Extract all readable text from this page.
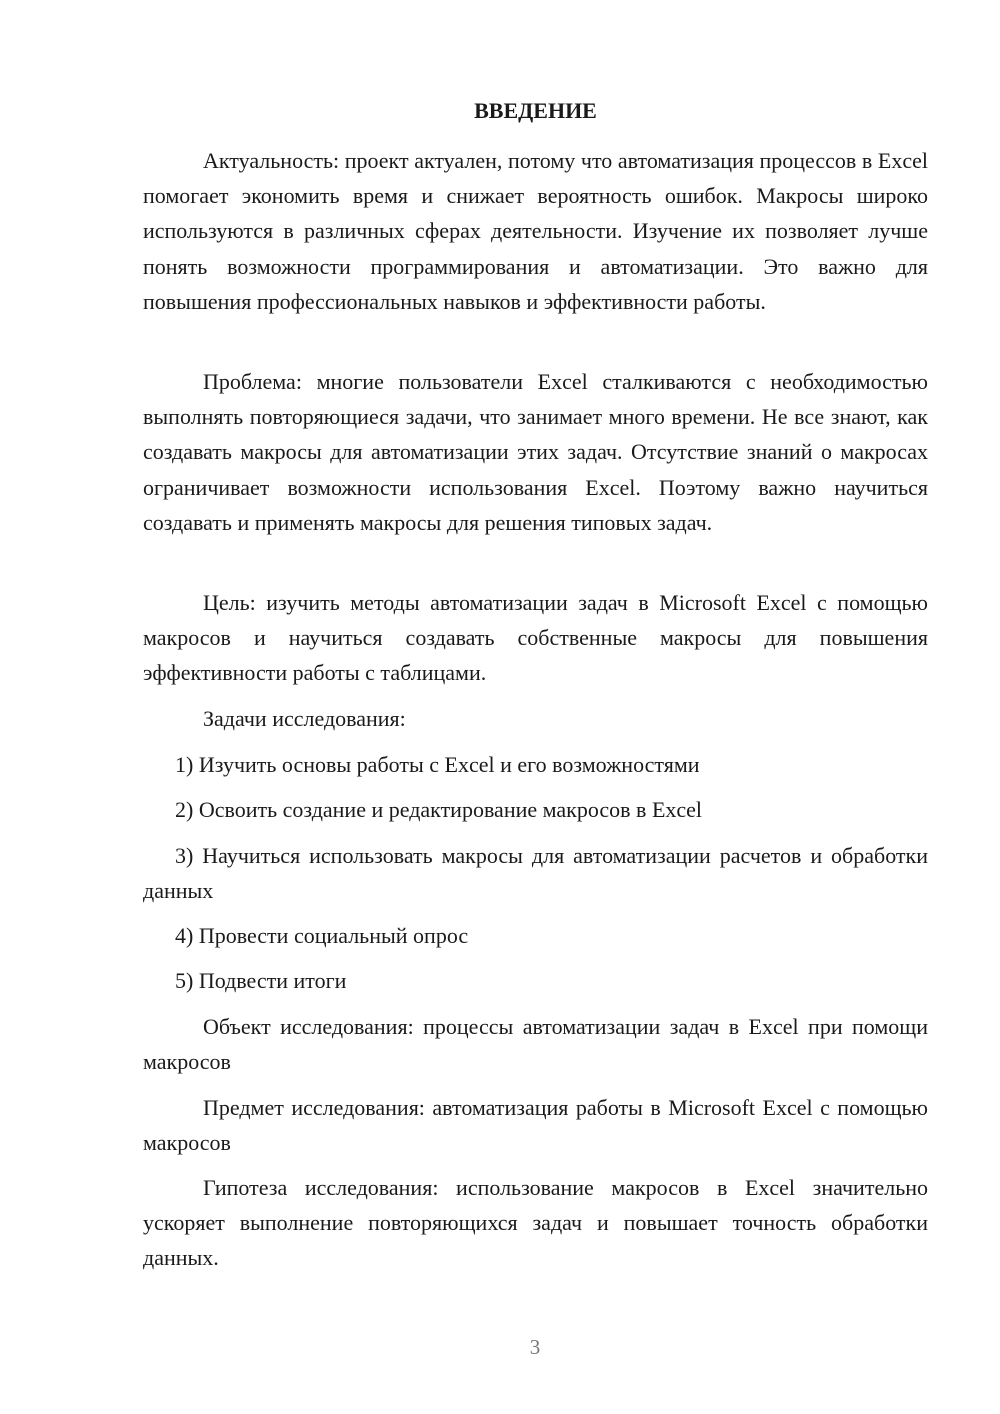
ВВЕДЕНИЕ

Актуальность: проект актуален, потому что автоматизация процессов в Excel помогает экономить время и снижает вероятность ошибок. Макросы широко используются в различных сферах деятельности. Изучение их позволяет лучше понять возможности программирования и автоматизации. Это важно для повышения профессиональных навыков и эффективности работы.

Проблема: многие пользователи Excel сталкиваются с необходимостью выполнять повторяющиеся задачи, что занимает много времени. Не все знают, как создавать макросы для автоматизации этих задач. Отсутствие знаний о макросах ограничивает возможности использования Excel. Поэтому важно научиться создавать и применять макросы для решения типовых задач.

Цель: изучить методы автоматизации задач в Microsoft Excel с помощью макросов и научиться создавать собственные макросы для повышения эффективности работы с таблицами.

Задачи исследования:

1) Изучить основы работы с Excel и его возможностями

2) Освоить создание и редактирование макросов в Excel

3) Научиться использовать макросы для автоматизации расчетов и обработки данных

4) Провести социальный опрос

5) Подвести итоги

Объект исследования: процессы автоматизации задач в Excel при помощи макросов

Предмет исследования: автоматизация работы в Microsoft Excel с помощью макросов

Гипотеза исследования: использование макросов в Excel значительно ускоряет выполнение повторяющихся задач и повышает точность обработки данных.

3
